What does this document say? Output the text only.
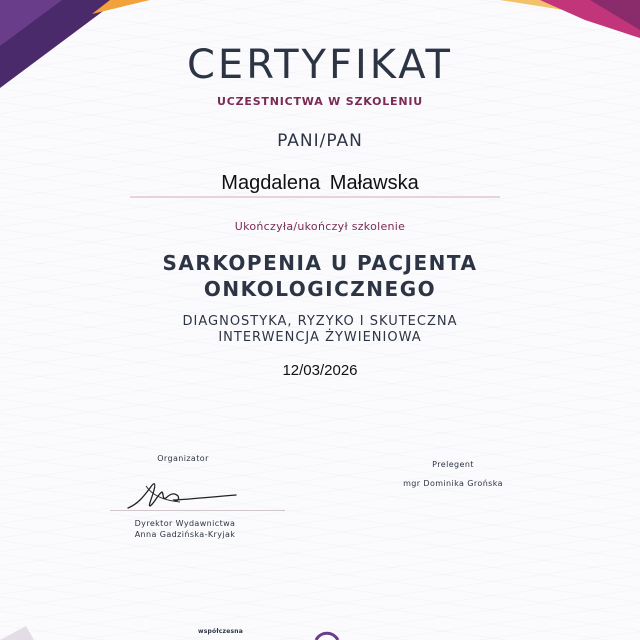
CERTYFIKAT
UCZESTNICTWA W SZKOLENIU
PANI/PAN
Magdalena Maławska
Ukończyła/ukończył szkolenie
SARKOPENIA U PACJENTA
ONKOLOGICZNEGO
DIAGNOSTYKA, RYZYKO I SKUTECZNA
INTERWENCJA ŻYWIENIOWA
12/03/2026
Organizator
Dyrektor Wydawnictwa
Anna Gadzińska-Kryjak
Prelegent
mgr Dominika Grońska
współczesna
